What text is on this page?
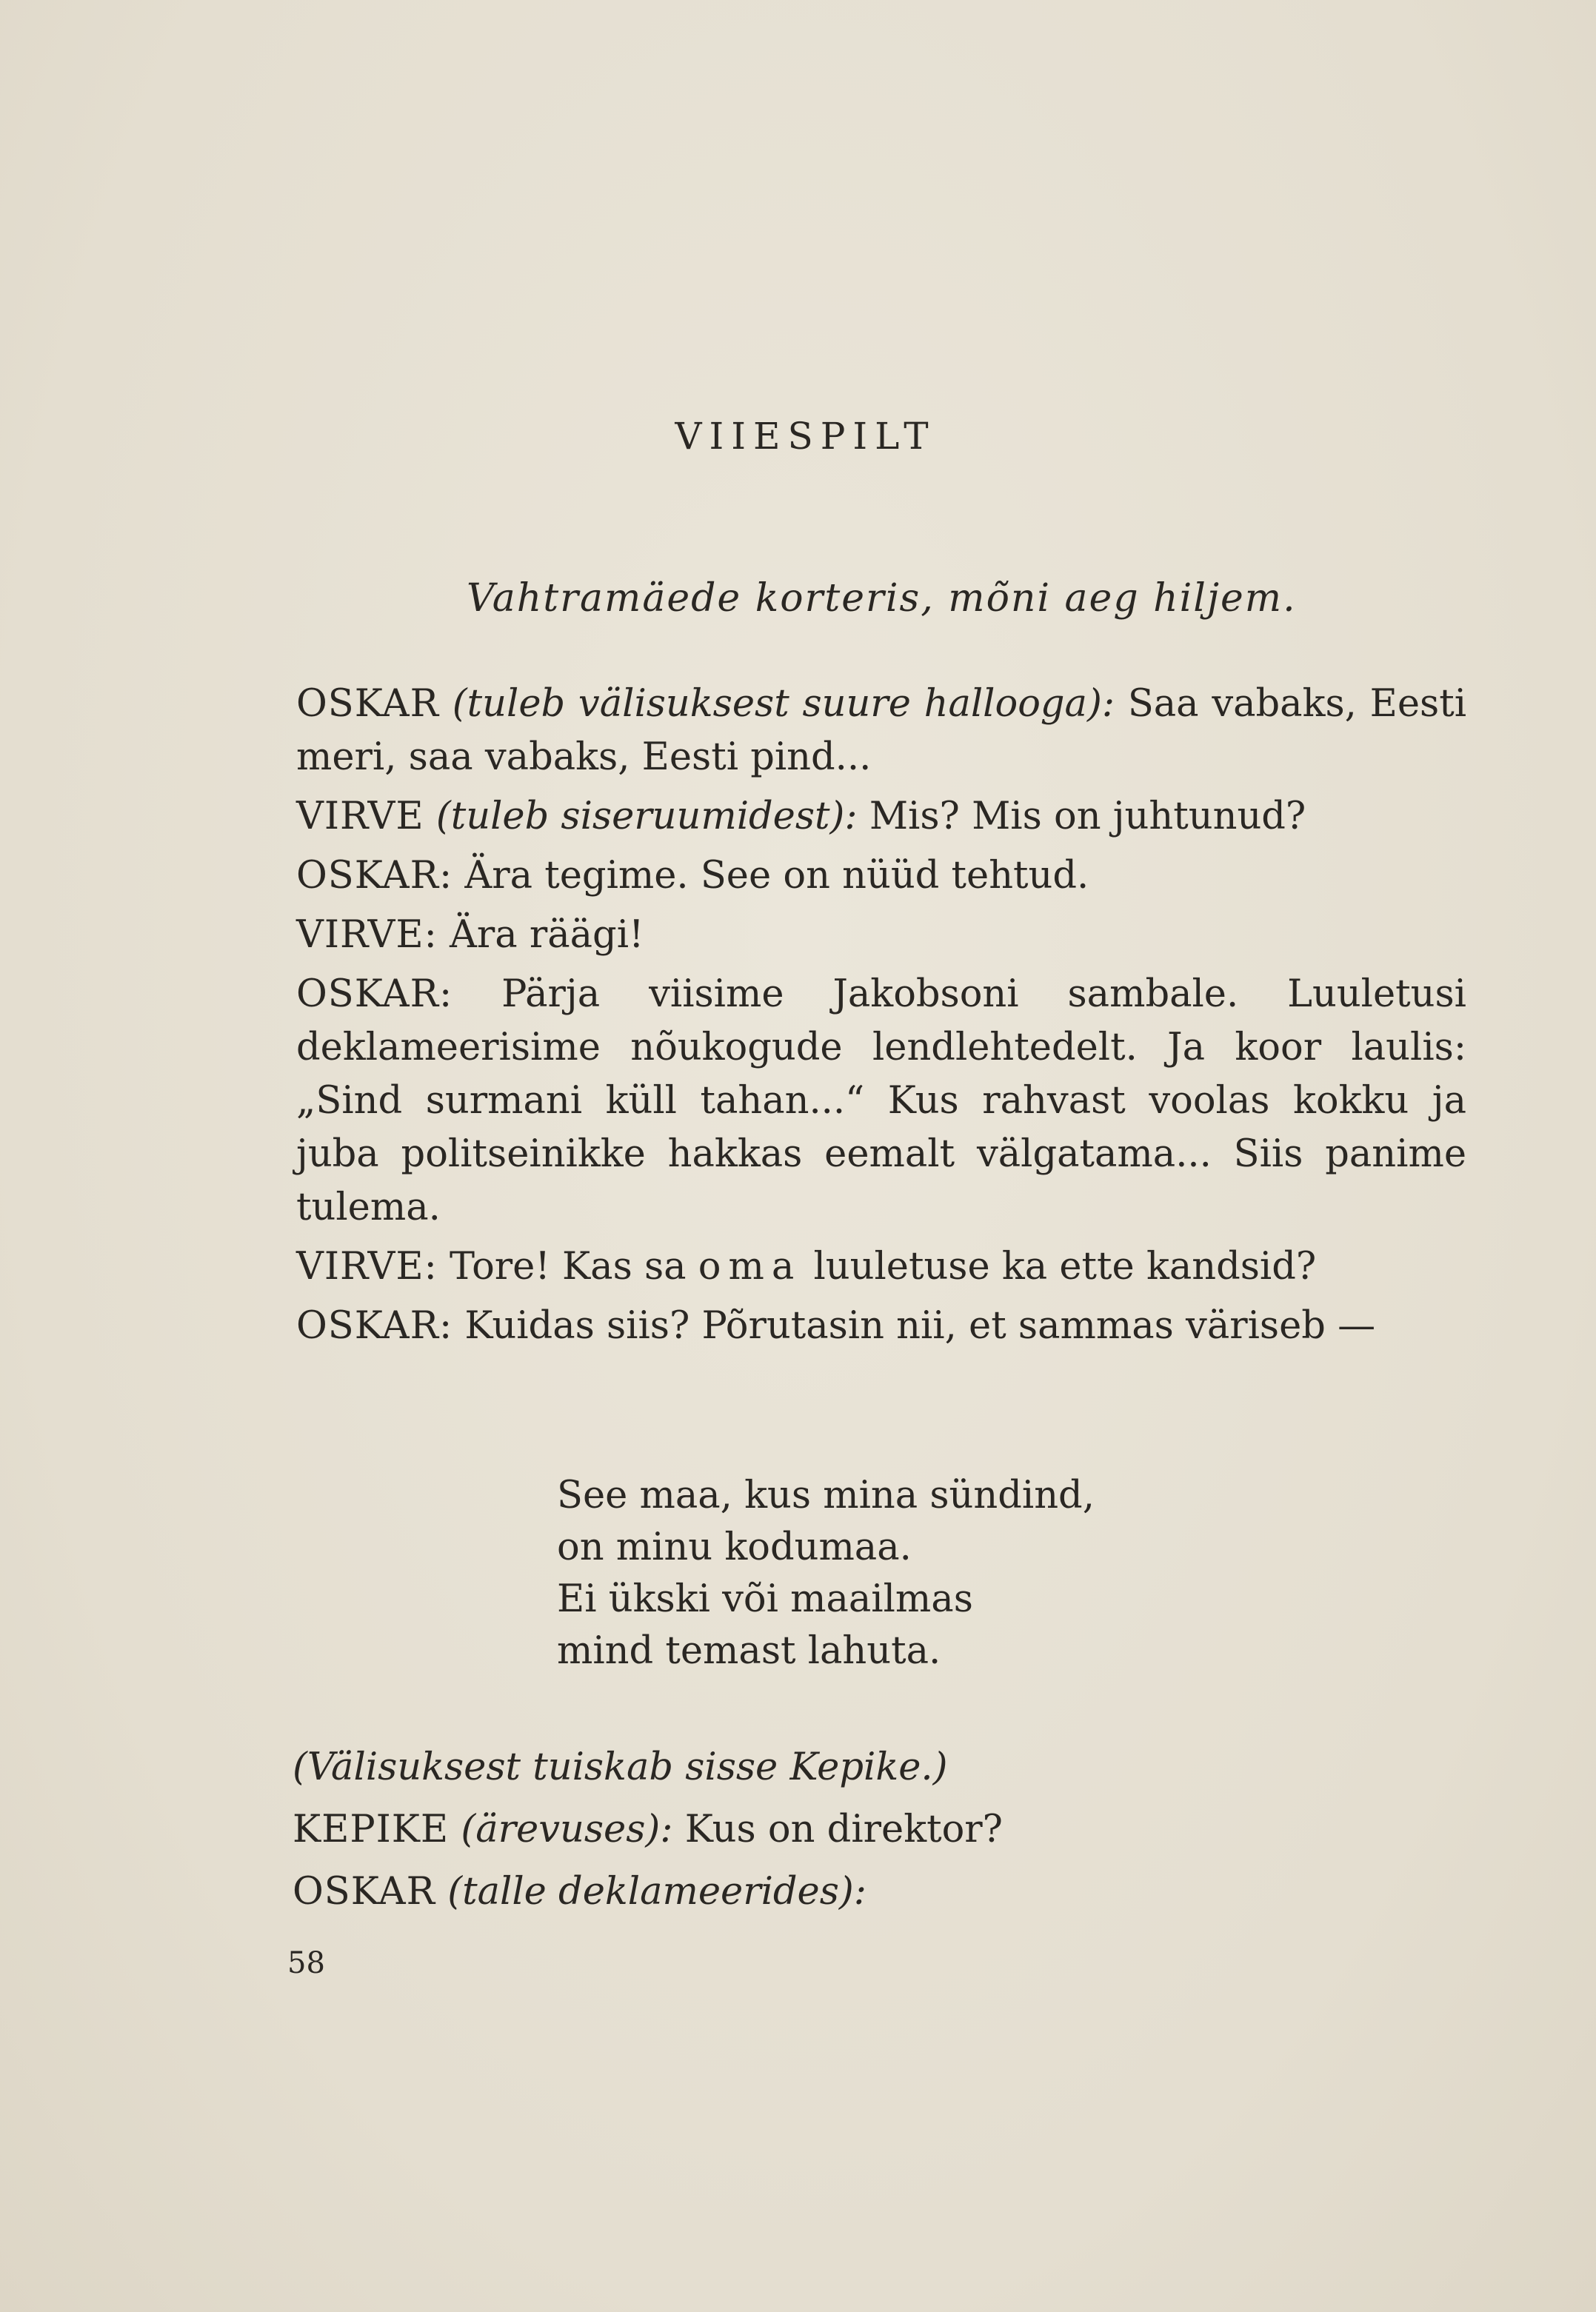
VIIESPILT
Vahtramäede korteris, mõni aeg hiljem.

OSKAR (tuleb välisuksest suure hallooga): Saa vabaks, Eesti meri, saa vabaks, Eesti pind...

VIRVE (tuleb siseruumidest): Mis? Mis on juhtunud?

OSKAR: Ära tegime. See on nüüd tehtud.

VIRVE: Ära räägi!

OSKAR: Pärja viisime Jakobsoni sambale. Luuletusi deklameerisime nõukogude lendlehtedelt. Ja koor laulis: „Sind surmani küll tahan...“ Kus rahvast voolas kokku ja juba politseinikke hakkas eemalt välgatama... Siis panime tulema.

VIRVE: Tore! Kas sa oma luuletuse ka ette kandsid?

OSKAR: Kuidas siis? Põrutasin nii, et sammas väriseb —

See maa, kus mina sündind,
on minu kodumaa.
Ei ükski või maailmas
mind temast lahuta.
(Välisuksest tuiskab sisse Kepike.)
KEPIKE (ärevuses): Kus on direktor?
OSKAR (talle deklameerides):
58
